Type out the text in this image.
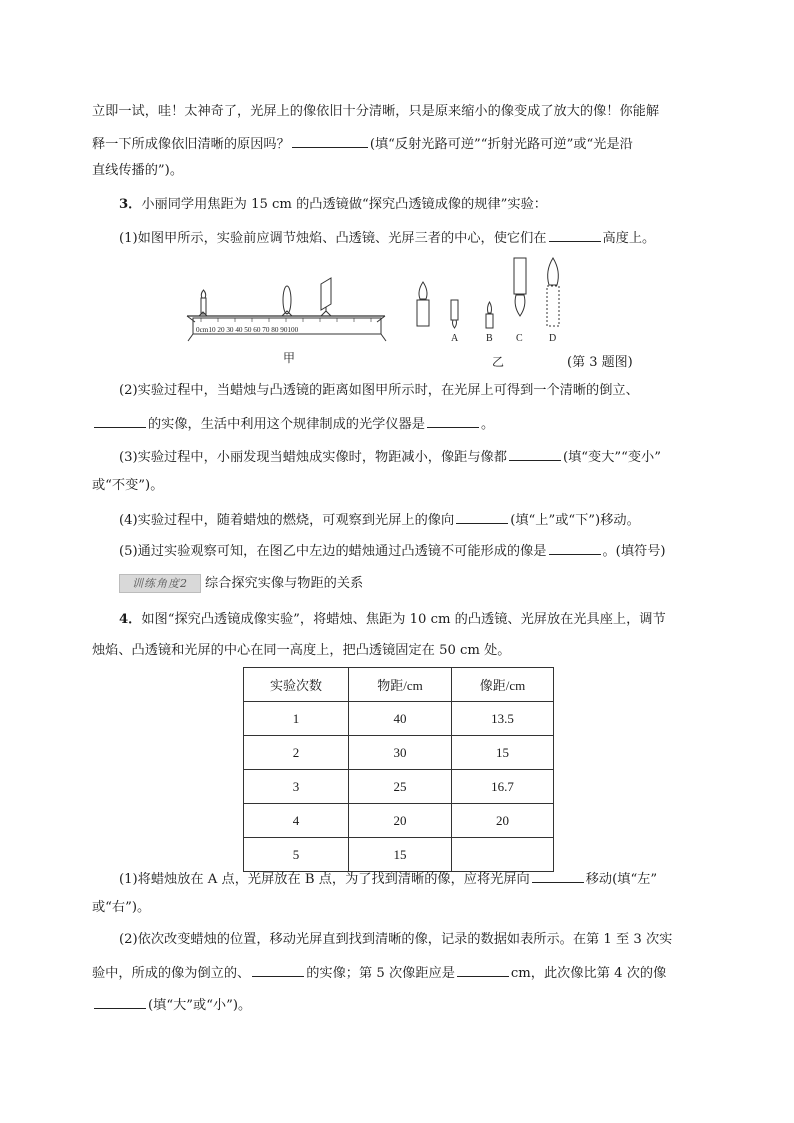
立即一试，哇！太神奇了，光屏上的像依旧十分清晰，只是原来缩小的像变成了放大的像！你能解
释一下所成像依旧清晰的原因吗？	(填“反射光路可逆”“折射光路可逆”或“光是沿
直线传播的”)。
3．小丽同学用焦距为 15 cm 的凸透镜做“探究凸透镜成像的规律”实验：
(1)如图甲所示，实验前应调节烛焰、凸透镜、光屏三者的中心，使它们在	高度上。
0cm10 20 30 40 50 60 70 80 90100
甲
A	B C	D
乙	(第 3 题图)
(2)实验过程中，当蜡烛与凸透镜的距离如图甲所示时，在光屏上可得到一个清晰的倒立、
的实像，生活中利用这个规律制成的光学仪器是	。
(3)实验过程中，小丽发现当蜡烛成实像时，物距减小，像距与像都	(填“变大”“变小”
或“不变”)。
(4)实验过程中，随着蜡烛的燃烧，可观察到光屏上的像向	(填“上”或“下”)移动。
(5)通过实验观察可知，在图乙中左边的蜡烛通过凸透镜不可能形成的像是	。(填符号)
训练角度2	综合探究实像与物距的关系
4．如图“探究凸透镜成像实验”，将蜡烛、焦距为 10 cm 的凸透镜、光屏放在光具座上，调节
烛焰、凸透镜和光屏的中心在同一高度上，把凸透镜固定在 50 cm 处。
实验次数	物距/cm	像距/cm
1	40	13.5
2	30	15
3	25	16.7
4	20	20
5	15	
(1)将蜡烛放在 A 点，光屏放在 B 点，为了找到清晰的像，应将光屏向	移动(填“左”
或“右”)。
(2)依次改变蜡烛的位置，移动光屏直到找到清晰的像，记录的数据如表所示。在第 1 至 3 次实
验中，所成的像为倒立的、	的实像；第 5 次像距应是	cm，此次像比第 4 次的像
(填“大”或“小”)。
